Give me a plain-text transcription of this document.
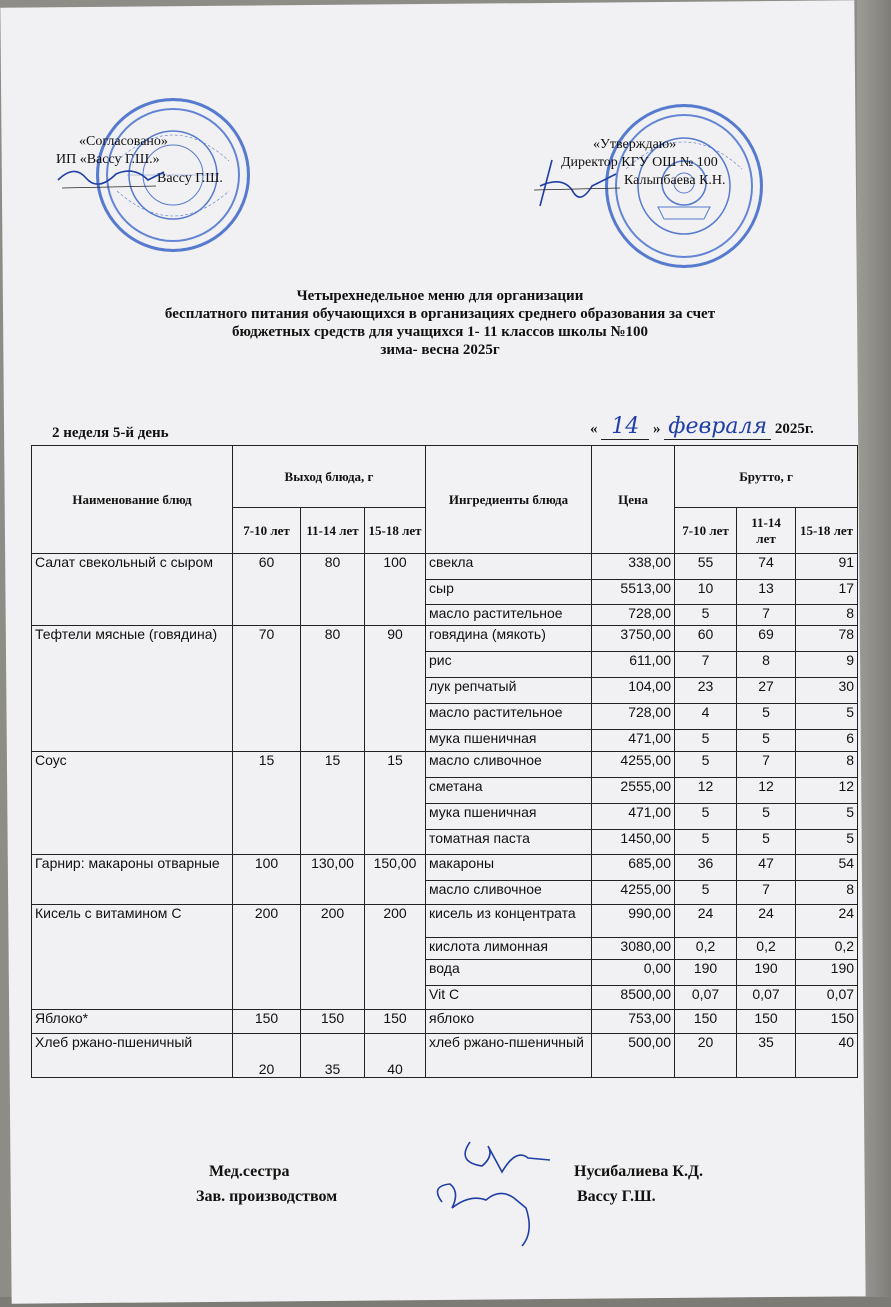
«Согласовано»
ИП «Вассу Г.Ш.»
Вассу Г.Ш.
«Утверждаю»
Директор КГУ ОШ № 100
Калыпбаева К.Н.
Четырехнедельное меню для организации
бесплатного питания обучающихся в организациях среднего образования за счет
бюджетных средств для учащихся 1- 11 классов школы №100
зима- весна 2025г
2 неделя 5-й день	« 14 » февраля 2025г.
Наименование блюд	Выход блюда, г			Ингредиенты блюда	Цена	Брутто, г		
	7-10 лет	11-14 лет	15-18 лет			7-10 лет	11-14 лет	15-18 лет
Салат свекольный с сыром	60	80	100	свекла	338,00	55	74	91
				сыр	5513,00	10	13	17
				масло растительное	728,00	5	7	8
Тефтели мясные (говядина)	70	80	90	говядина (мякоть)	3750,00	60	69	78
				рис	611,00	7	8	9
				лук репчатый	104,00	23	27	30
				масло растительное	728,00	4	5	5
				мука пшеничная	471,00	5	5	6
Соус	15	15	15	масло сливочное	4255,00	5	7	8
				сметана	2555,00	12	12	12
				мука пшеничная	471,00	5	5	5
				томатная паста	1450,00	5	5	5
Гарнир: макароны отварные	100	130,00	150,00	макароны	685,00	36	47	54
				масло сливочное	4255,00	5	7	8
Кисель с витамином С	200	200	200	кисель из концентрата	990,00	24	24	24
				кислота лимонная	3080,00	0,2	0,2	0,2
				вода	0,00	190	190	190
				Vit C	8500,00	0,07	0,07	0,07
Яблоко*	150	150	150	яблоко	753,00	150	150	150
Хлеб ржано-пшеничный	20	35	40	хлеб ржано-пшеничный	500,00	20	35	40
Мед.сестра
Зав. производством
Нусибалиева К.Д.
Вассу Г.Ш.
